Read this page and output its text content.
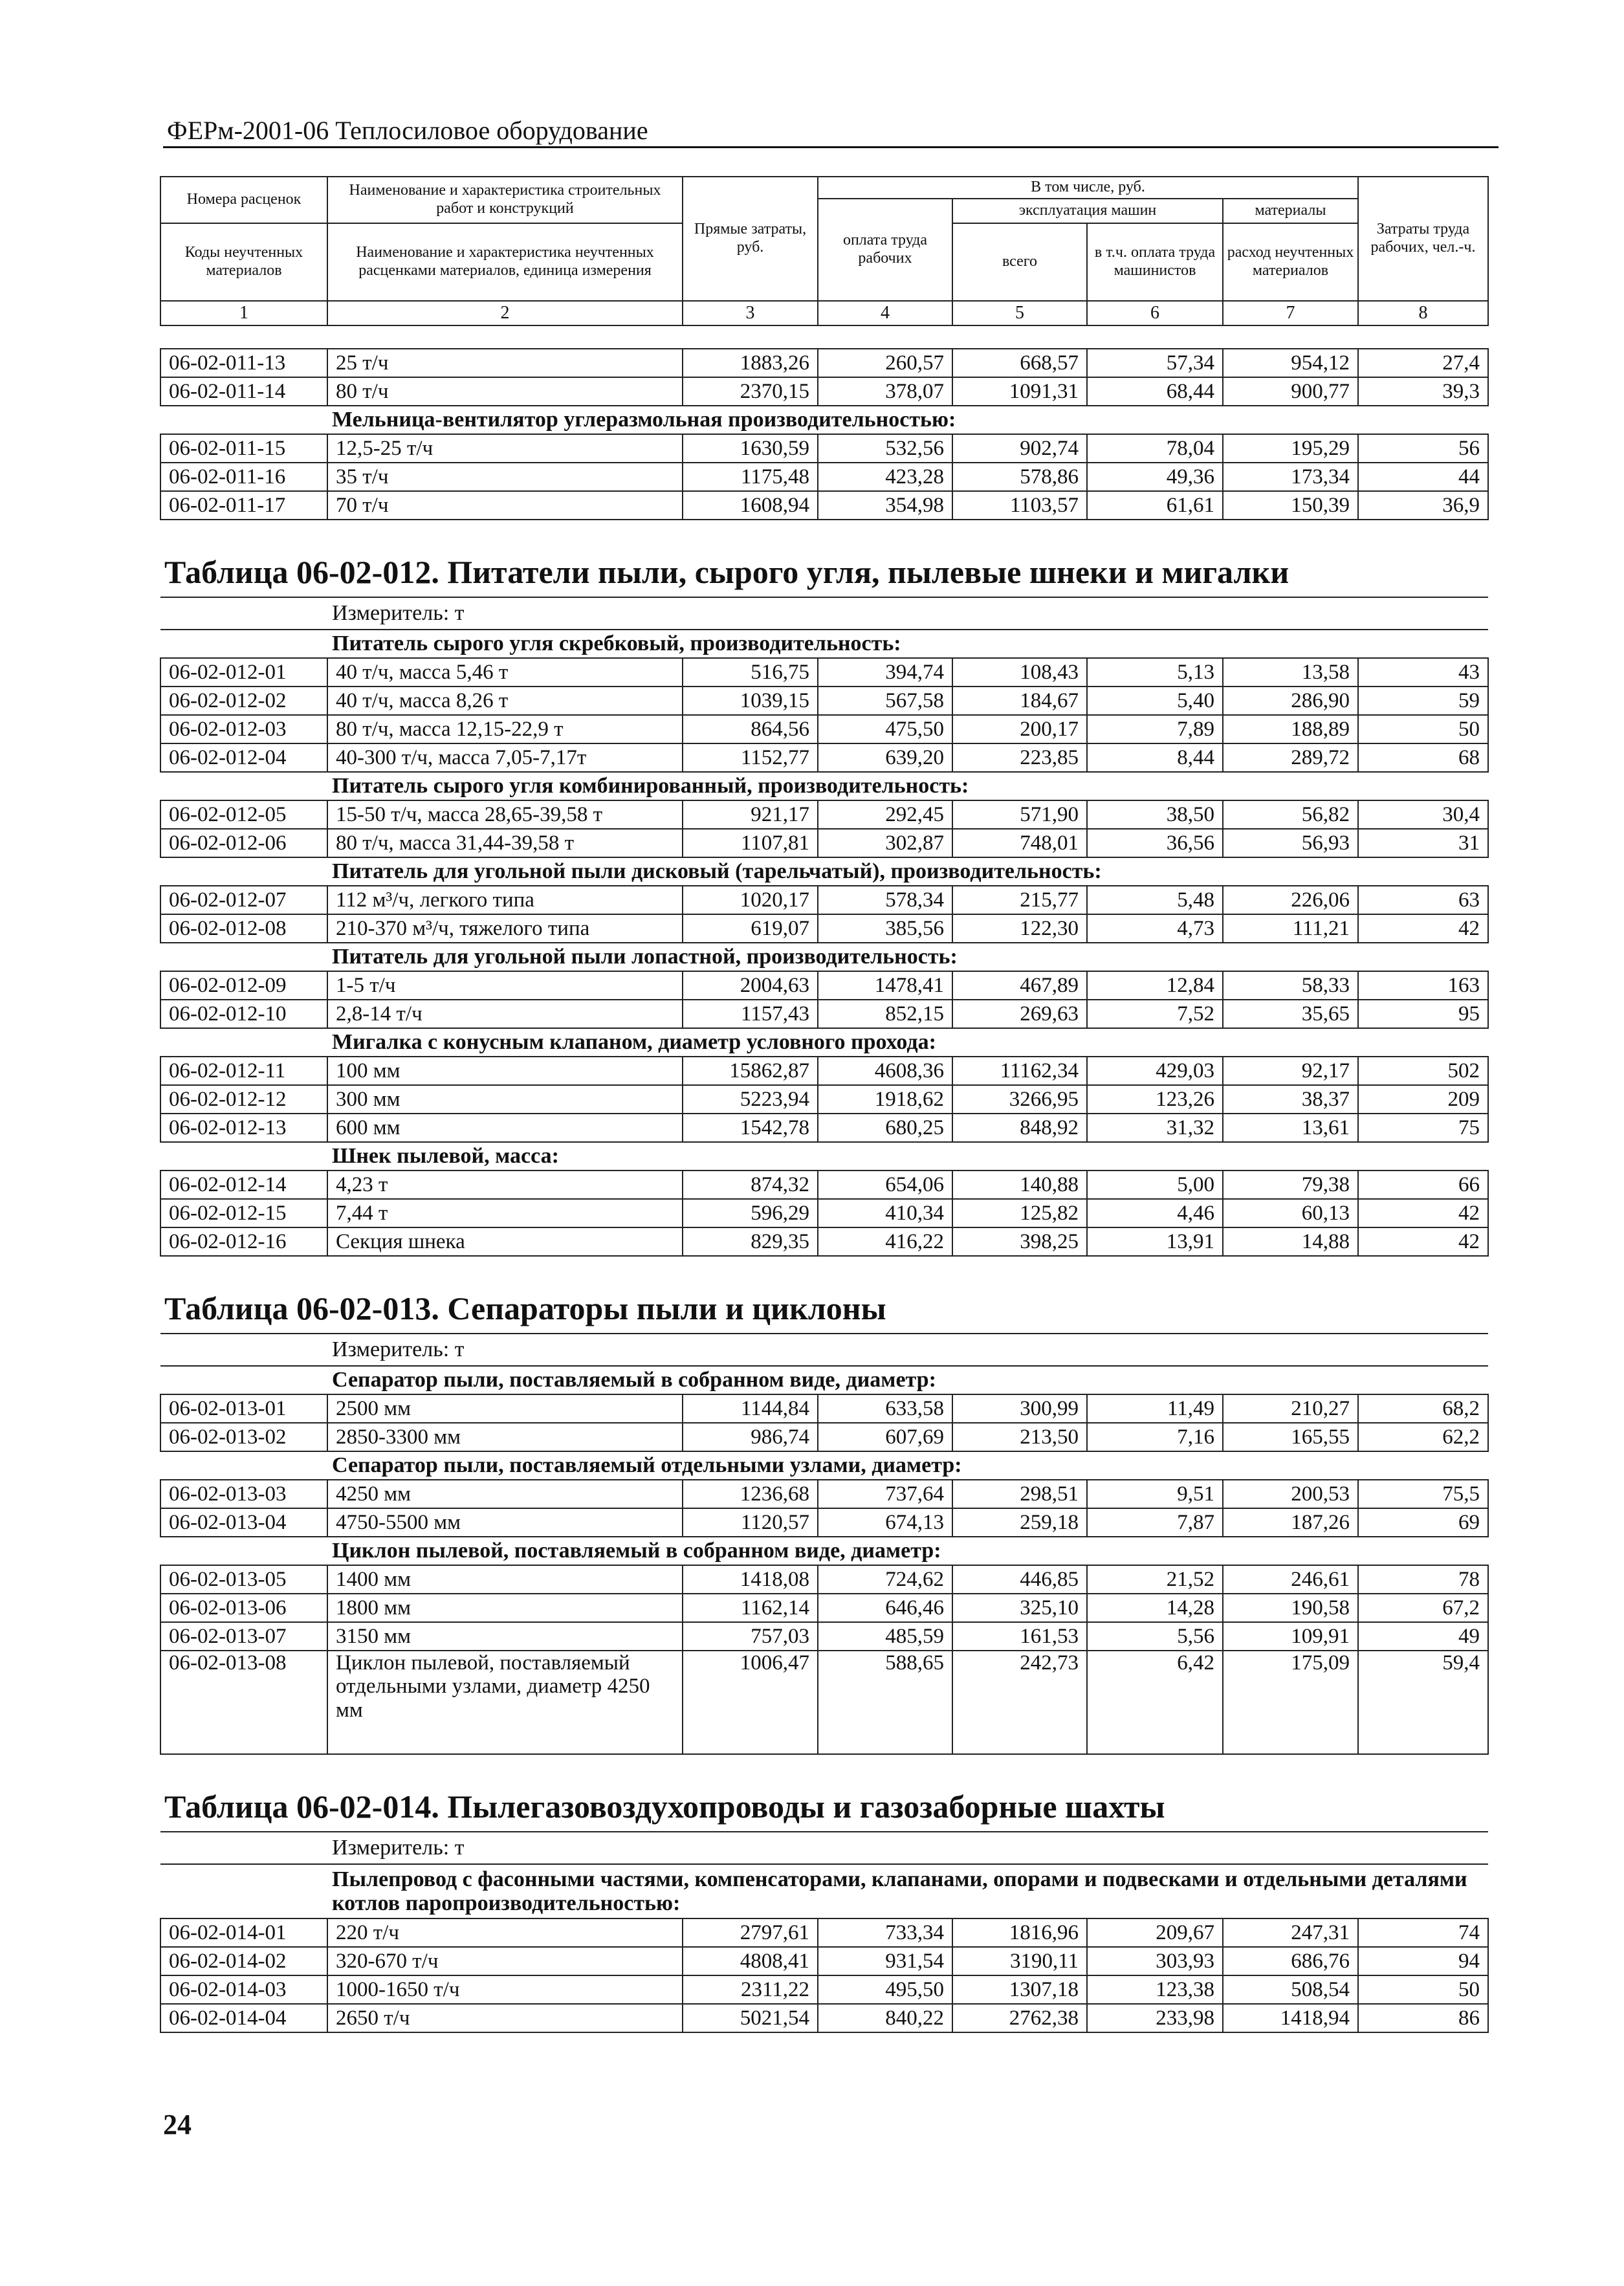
ФЕРм-2001-06 Теплосиловое оборудование
Номера расценок	Наименование и характеристика строительных работ и конструкций	Прямые затраты, руб.	В том числе, руб.				Затраты труда рабочих, чел.-ч.
			оплата труда рабочих	эксплуатация машин		материалы	
Коды неучтенных материалов	Наименование и характеристика неучтенных расценками материалов, единица измерения			всего	в т.ч. оплата труда машинистов	расход неучтенных материалов	

1	2	3	4	5	6	7	8
06-02-011-13	25 т/ч	1883,26	260,57	668,57	57,34	954,12	27,4
06-02-011-14	80 т/ч	2370,15	378,07	1091,31	68,44	900,77	39,3
Мельница-вентилятор углеразмольная производительностью:							
06-02-011-15	12,5-25 т/ч	1630,59	532,56	902,74	78,04	195,29	56
06-02-011-16	35 т/ч	1175,48	423,28	578,86	49,36	173,34	44
06-02-011-17	70 т/ч	1608,94	354,98	1103,57	61,61	150,39	36,9
Таблица 06-02-012. Питатели пыли, сырого угля, пылевые шнеки и мигалки							
Измеритель: т							
Питатель сырого угля скребковый, производительность:							
06-02-012-01	40 т/ч, масса 5,46 т	516,75	394,74	108,43	5,13	13,58	43
06-02-012-02	40 т/ч, масса 8,26 т	1039,15	567,58	184,67	5,40	286,90	59
06-02-012-03	80 т/ч, масса 12,15-22,9 т	864,56	475,50	200,17	7,89	188,89	50
06-02-012-04	40-300 т/ч, масса 7,05-7,17т	1152,77	639,20	223,85	8,44	289,72	68
Питатель сырого угля комбинированный, производительность:							
06-02-012-05	15-50 т/ч, масса 28,65-39,58 т	921,17	292,45	571,90	38,50	56,82	30,4
06-02-012-06	80 т/ч, масса 31,44-39,58 т	1107,81	302,87	748,01	36,56	56,93	31
Питатель для угольной пыли дисковый (тарельчатый), производительность:							
06-02-012-07	112 м³/ч, легкого типа	1020,17	578,34	215,77	5,48	226,06	63
06-02-012-08	210-370 м³/ч, тяжелого типа	619,07	385,56	122,30	4,73	111,21	42
Питатель для угольной пыли лопастной, производительность:							
06-02-012-09	1-5 т/ч	2004,63	1478,41	467,89	12,84	58,33	163
06-02-012-10	2,8-14 т/ч	1157,43	852,15	269,63	7,52	35,65	95
Мигалка с конусным клапаном, диаметр условного прохода:							
06-02-012-11	100 мм	15862,87	4608,36	11162,34	429,03	92,17	502
06-02-012-12	300 мм	5223,94	1918,62	3266,95	123,26	38,37	209
06-02-012-13	600 мм	1542,78	680,25	848,92	31,32	13,61	75
Шнек пылевой, масса:							
06-02-012-14	4,23 т	874,32	654,06	140,88	5,00	79,38	66
06-02-012-15	7,44 т	596,29	410,34	125,82	4,46	60,13	42
06-02-012-16	Секция шнека	829,35	416,22	398,25	13,91	14,88	42
Таблица 06-02-013. Сепараторы пыли и циклоны							
Измеритель: т							
Сепаратор пыли, поставляемый в собранном виде, диаметр:							
06-02-013-01	2500 мм	1144,84	633,58	300,99	11,49	210,27	68,2
06-02-013-02	2850-3300 мм	986,74	607,69	213,50	7,16	165,55	62,2
Сепаратор пыли, поставляемый отдельными узлами, диаметр:							
06-02-013-03	4250 мм	1236,68	737,64	298,51	9,51	200,53	75,5
06-02-013-04	4750-5500 мм	1120,57	674,13	259,18	7,87	187,26	69
Циклон пылевой, поставляемый в собранном виде, диаметр:							
06-02-013-05	1400 мм	1418,08	724,62	446,85	21,52	246,61	78
06-02-013-06	1800 мм	1162,14	646,46	325,10	14,28	190,58	67,2
06-02-013-07	3150 мм	757,03	485,59	161,53	5,56	109,91	49
06-02-013-08	Циклон пылевой, поставляемый отдельными узлами, диаметр 4250 мм	1006,47	588,65	242,73	6,42	175,09	59,4
Таблица 06-02-014. Пылегазовоздухопроводы и газозаборные шахты							
Измеритель: т							
Пылепровод с фасонными частями, компенсаторами, клапанами, опорами и подвесками и отдельными деталями котлов паропроизводительностью:							
06-02-014-01	220 т/ч	2797,61	733,34	1816,96	209,67	247,31	74
06-02-014-02	320-670 т/ч	4808,41	931,54	3190,11	303,93	686,76	94
06-02-014-03	1000-1650 т/ч	2311,22	495,50	1307,18	123,38	508,54	50
06-02-014-04	2650 т/ч	5021,54	840,22	2762,38	233,98	1418,94	86
24
